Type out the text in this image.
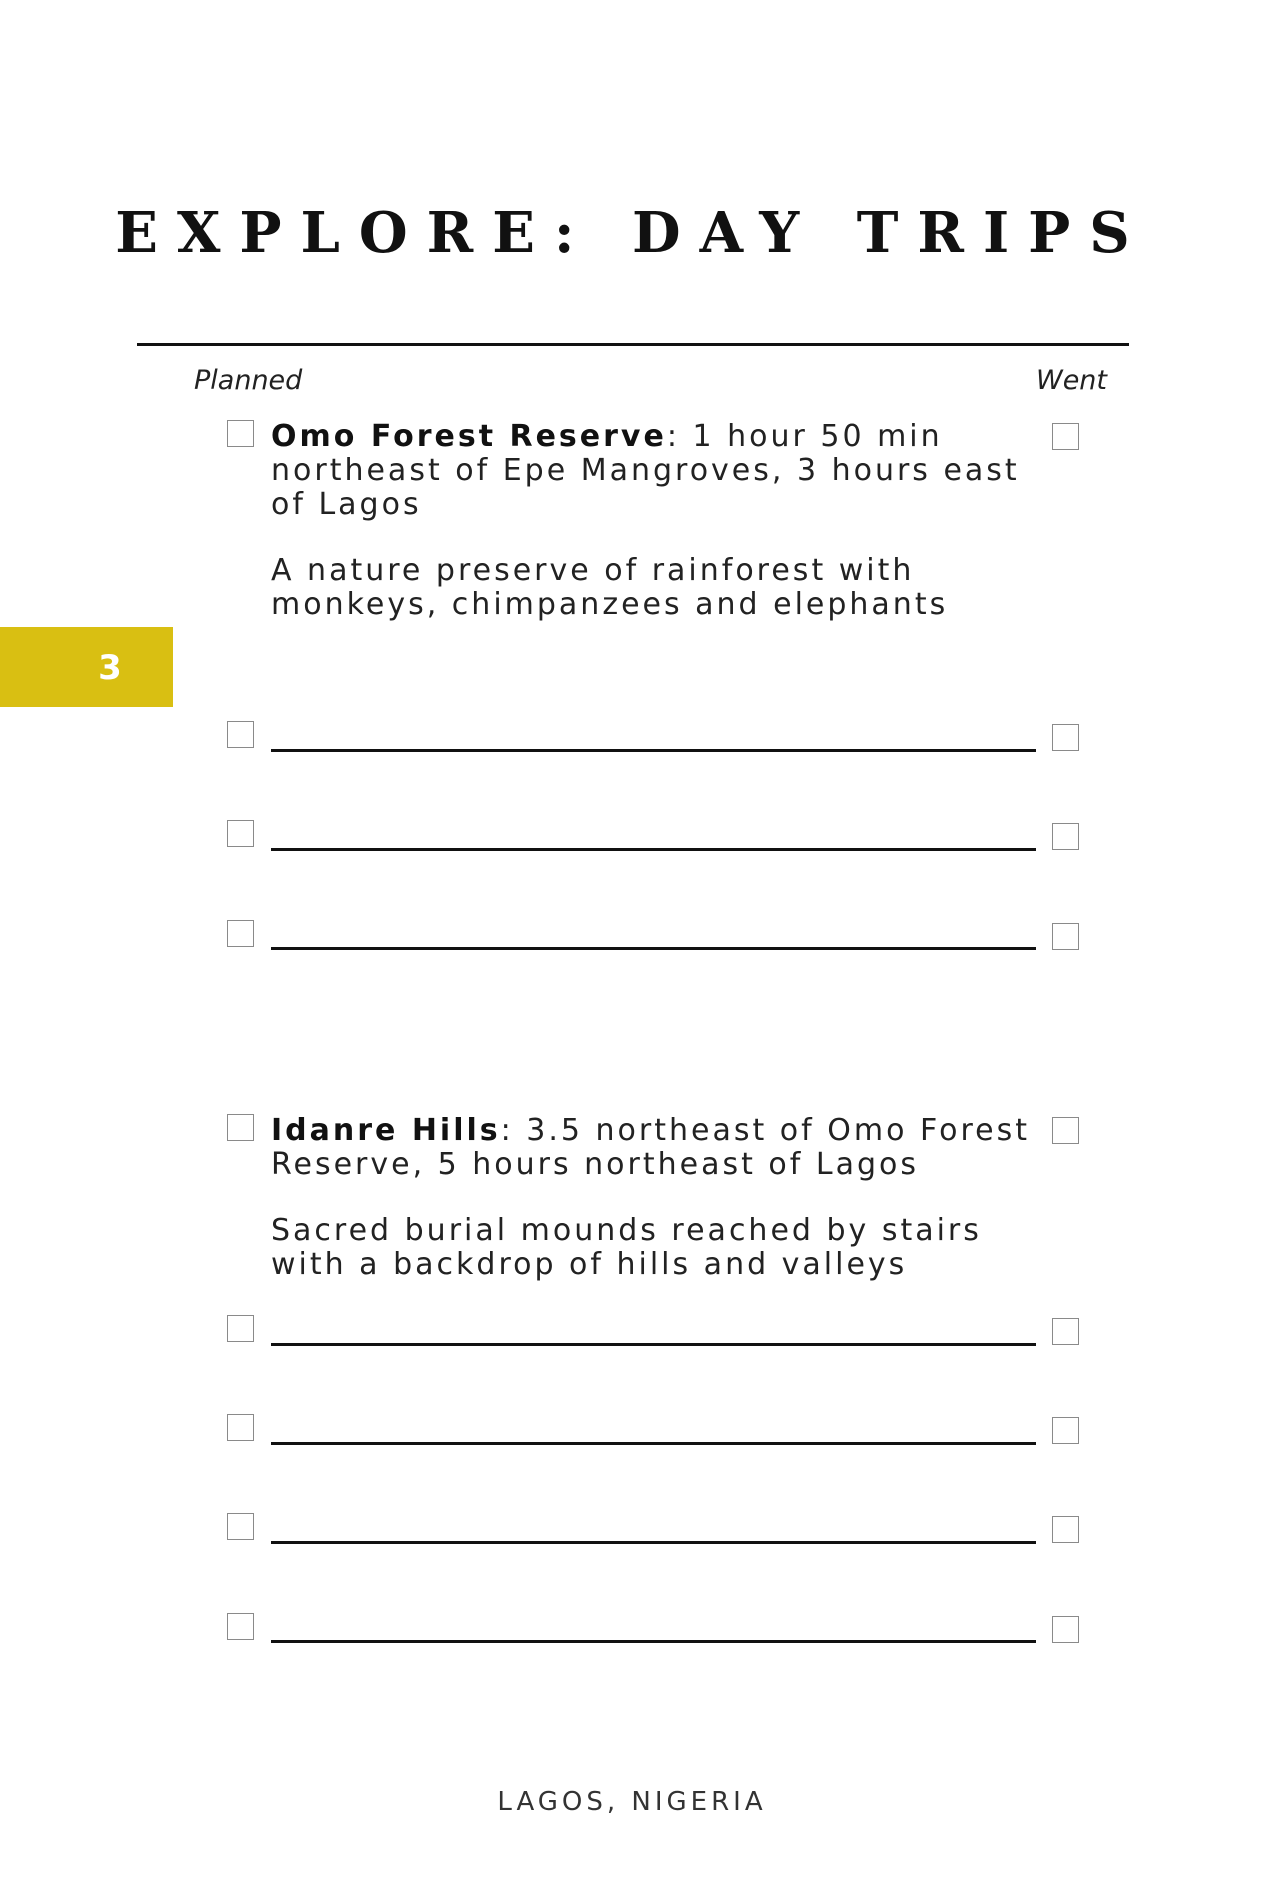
EXPLORE: DAY TRIPS
Planned	Went
Omo Forest Reserve: 1 hour 50 min northeast of Epe Mangroves, 3 hours east of Lagos
A nature preserve of rainforest with monkeys, chimpanzees and elephants
3
Idanre Hills: 3.5 northeast of Omo Forest Reserve, 5 hours northeast of Lagos
Sacred burial mounds reached by stairs with a backdrop of hills and valleys
LAGOS, NIGERIA
